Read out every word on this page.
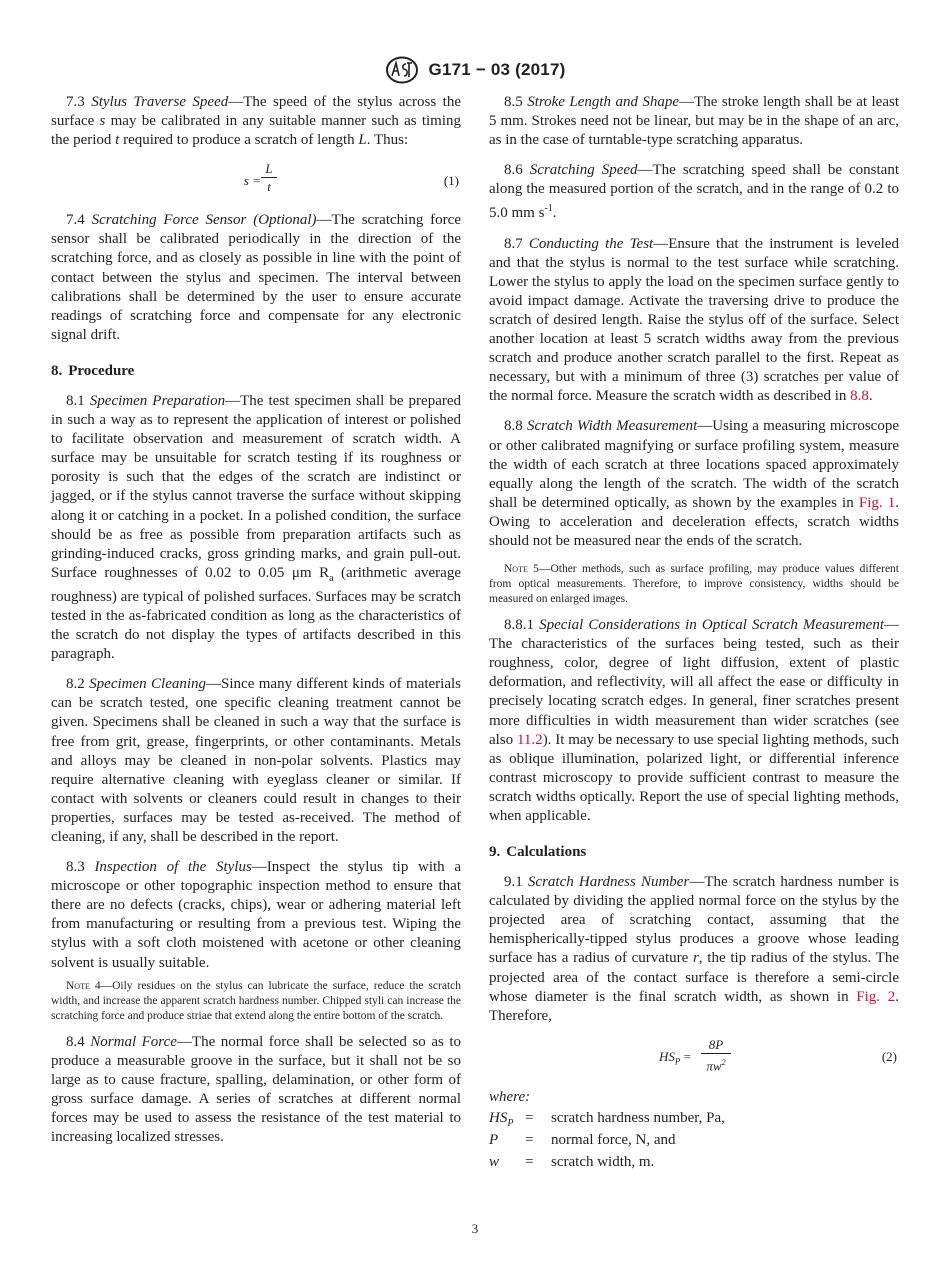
G171 − 03 (2017)

7.3 Stylus Traverse Speed—The speed of the stylus across the surface s may be calibrated in any suitable manner such as timing the period t required to produce a scratch of length L. Thus:

$s = \frac{L}{t}$	(1)

7.4 Scratching Force Sensor (Optional)—The scratching force sensor shall be calibrated periodically in the direction of the scratching force, and as closely as possible in line with the point of contact between the stylus and specimen. The interval between calibrations shall be determined by the user to ensure accurate readings of scratching force and compensate for any electronic signal drift.

8. Procedure

8.1 Specimen Preparation—The test specimen shall be prepared in such a way as to represent the application of interest or polished to facilitate observation and measurement of scratch width. A surface may be unsuitable for scratch testing if its roughness or porosity is such that the edges of the scratch are indistinct or jagged, or if the stylus cannot traverse the surface without skipping along it or catching in a pocket. In a polished condition, the surface should be as free as possible from preparation artifacts such as grinding-induced cracks, gross grinding marks, and grain pull-out. Surface roughnesses of 0.02 to 0.05 μm $R_a$ (arithmetic average roughness) are typical of polished surfaces. Surfaces may be scratch tested in the as-fabricated condition as long as the characteristics of the scratch do not display the types of artifacts described in this paragraph.

8.2 Specimen Cleaning—Since many different kinds of materials can be scratch tested, one specific cleaning treatment cannot be given. Specimens shall be cleaned in such a way that the surface is free from grit, grease, fingerprints, or other contaminants. Metals and alloys may be cleaned in non-polar solvents. Plastics may require alternative cleaning with eyeglass cleaner or similar. If contact with solvents or cleaners could result in changes to their properties, surfaces may be tested as-received. The method of cleaning, if any, shall be described in the report.

8.3 Inspection of the Stylus—Inspect the stylus tip with a microscope or other topographic inspection method to ensure that there are no defects (cracks, chips), wear or adhering material left from manufacturing or resulting from a previous test. Wiping the stylus with a soft cloth moistened with acetone or other cleaning solvent is usually suitable.

Note 4—Oily residues on the stylus can lubricate the surface, reduce the scratch width, and increase the apparent scratch hardness number. Chipped styli can increase the scratching force and produce striae that extend along the entire bottom of the scratch.

8.4 Normal Force—The normal force shall be selected so as to produce a measurable groove in the surface, but it shall not be so large as to cause fracture, spalling, delamination, or other form of gross surface damage. A series of scratches at different normal forces may be used to assess the resistance of the test material to increasing localized stresses.

8.5 Stroke Length and Shape—The stroke length shall be at least 5 mm. Strokes need not be linear, but may be in the shape of an arc, as in the case of turntable-type scratching apparatus.

8.6 Scratching Speed—The scratching speed shall be constant along the measured portion of the scratch, and in the range of 0.2 to 5.0 mm $s^{-1}$.

8.7 Conducting the Test—Ensure that the instrument is leveled and that the stylus is normal to the test surface while scratching. Lower the stylus to apply the load on the specimen surface gently to avoid impact damage. Activate the traversing drive to produce the scratch of desired length. Raise the stylus off of the surface. Select another location at least 5 scratch widths away from the previous scratch and produce another scratch parallel to the first. Repeat as necessary, but with a minimum of three (3) scratches per value of the normal force. Measure the scratch width as described in 8.8.

8.8 Scratch Width Measurement—Using a measuring microscope or other calibrated magnifying or surface profiling system, measure the width of each scratch at three locations spaced approximately equally along the length of the scratch. The width of the scratch shall be determined optically, as shown by the examples in Fig. 1. Owing to acceleration and deceleration effects, scratch widths should not be measured near the ends of the scratch.

Note 5—Other methods, such as surface profiling, may produce values different from optical measurements. Therefore, to improve consistency, widths should be measured on enlarged images.

8.8.1 Special Considerations in Optical Scratch Measurement—The characteristics of the surfaces being tested, such as their roughness, color, degree of light diffusion, extent of plastic deformation, and reflectivity, will all affect the ease or difficulty in precisely locating scratch edges. In general, finer scratches present more difficulties in width measurement than wider scratches (see also 11.2). It may be necessary to use special lighting methods, such as oblique illumination, polarized light, or differential inference contrast microscopy to provide sufficient contrast to measure the scratch widths optically. Report the use of special lighting methods, when applicable.

9. Calculations

9.1 Scratch Hardness Number—The scratch hardness number is calculated by dividing the applied normal force on the stylus by the projected area of scratching contact, assuming that the hemispherically-tipped stylus produces a groove whose leading surface has a radius of curvature r, the tip radius of the stylus. The projected area of the contact surface is therefore a semi-circle whose diameter is the final scratch width, as shown in Fig. 2. Therefore,

$HS_P = \frac{8P}{\pi w^2}$	(2)
where:
$HS_P$	=	scratch hardness number, Pa,
P	=	normal force, N, and
w	=	scratch width, m.
3
